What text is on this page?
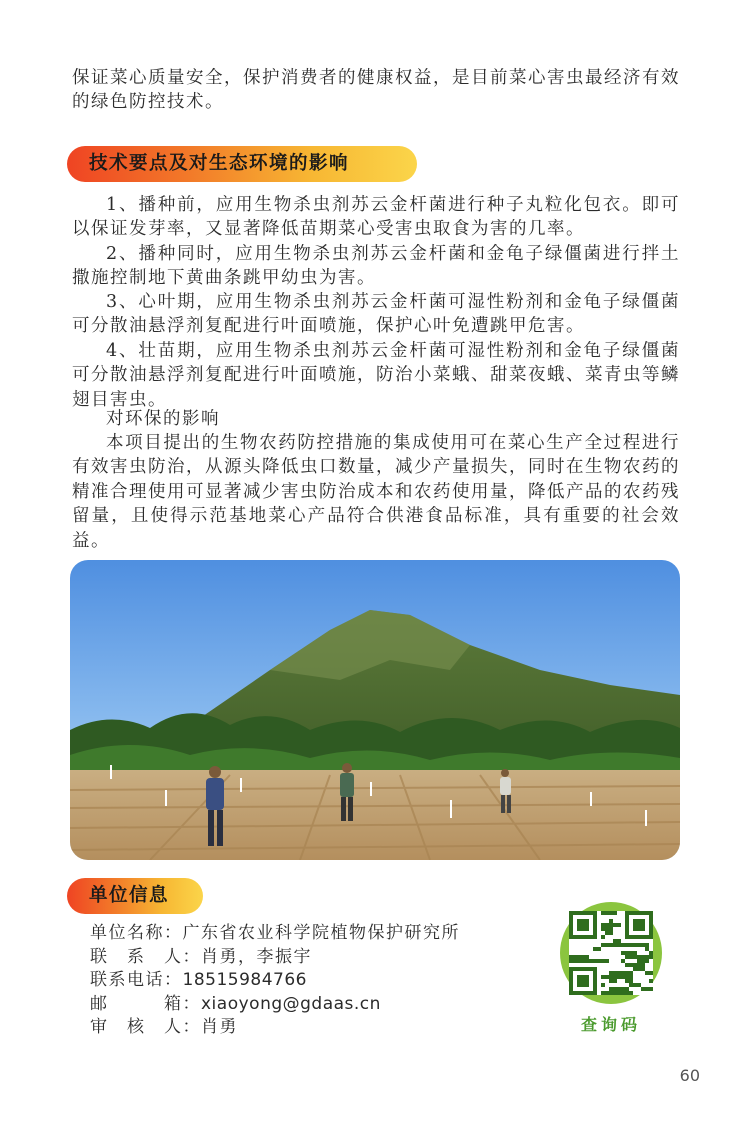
保证菜心质量安全，保护消费者的健康权益，是目前菜心害虫最经济有效的绿色防控技术。

技术要点及对生态环境的影响

1、播种前，应用生物杀虫剂苏云金杆菌进行种子丸粒化包衣。即可以保证发芽率，又显著降低苗期菜心受害虫取食为害的几率。

2、播种同时，应用生物杀虫剂苏云金杆菌和金龟子绿僵菌进行拌土撒施控制地下黄曲条跳甲幼虫为害。

3、心叶期，应用生物杀虫剂苏云金杆菌可湿性粉剂和金龟子绿僵菌可分散油悬浮剂复配进行叶面喷施，保护心叶免遭跳甲危害。

4、壮苗期，应用生物杀虫剂苏云金杆菌可湿性粉剂和金龟子绿僵菌可分散油悬浮剂复配进行叶面喷施，防治小菜蛾、甜菜夜蛾、菜青虫等鳞翅目害虫。

对环保的影响

本项目提出的生物农药防控措施的集成使用可在菜心生产全过程进行有效害虫防治，从源头降低虫口数量，减少产量损失，同时在生物农药的精准合理使用可显著减少害虫防治成本和农药使用量，降低产品的农药残留量，且使得示范基地菜心产品符合供港食品标准，具有重要的社会效益。

单位信息
单位名称：广东省农业科学院植物保护研究所
联　系　人：肖勇，李振宇
联系电话：18515984766
邮　　　箱：xiaoyong@gdaas.cn
审　核　人：肖勇	查询码
60
